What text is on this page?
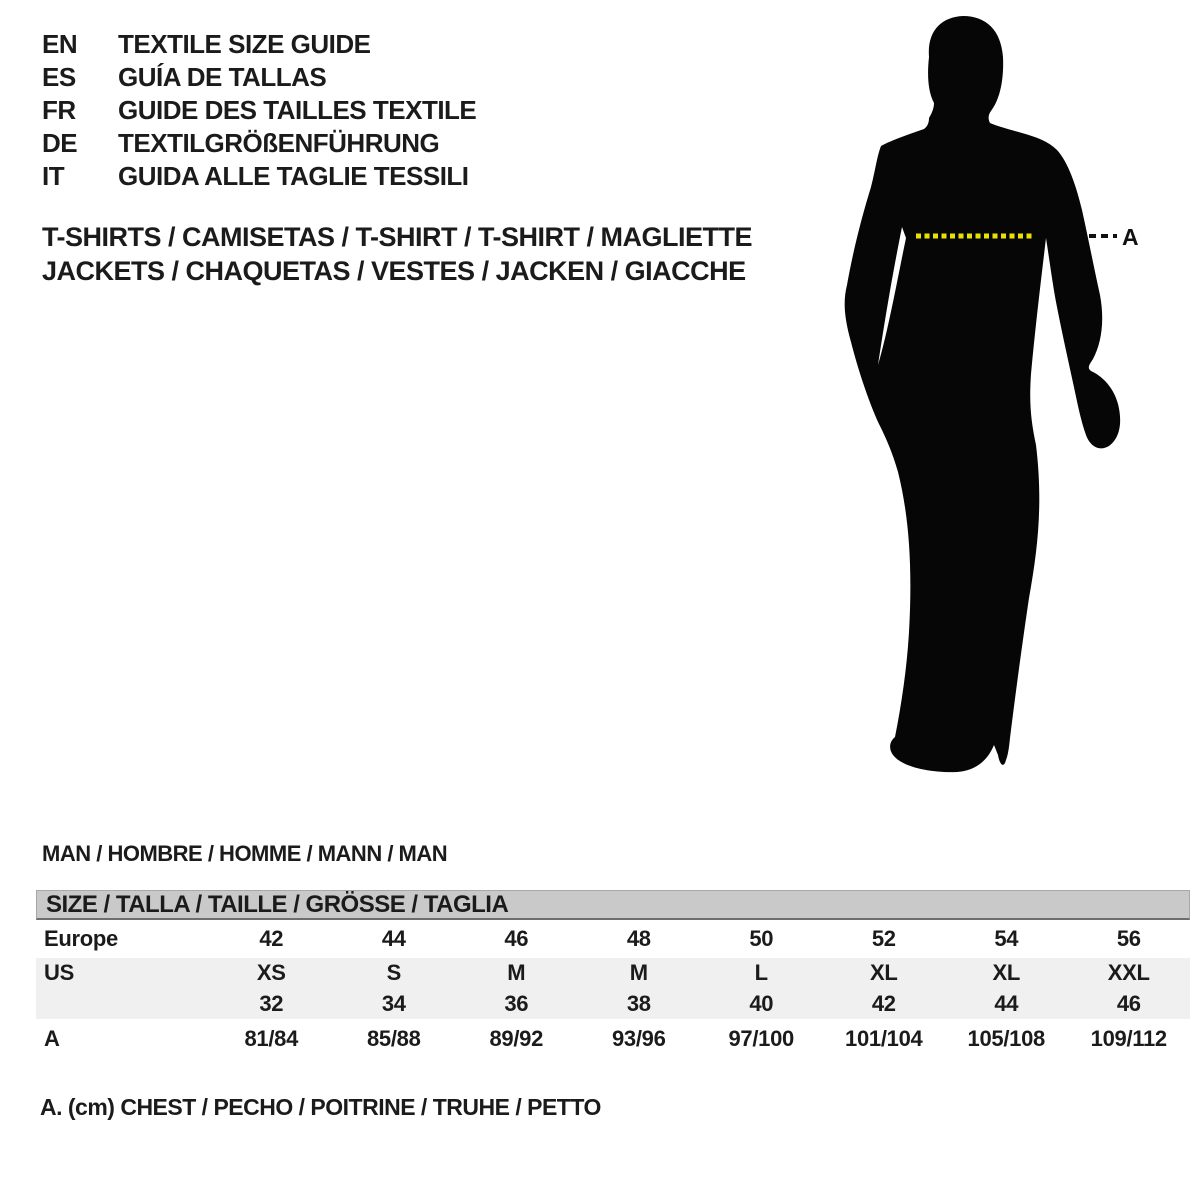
EN	TEXTILE SIZE GUIDE
ES	GUÍA DE TALLAS
FR	GUIDE DES TAILLES TEXTILE
DE	TEXTILGRÖßENFÜHRUNG
IT	GUIDA ALLE TAGLIE TESSILI
T-SHIRTS / CAMISETAS / T-SHIRT / T-SHIRT / MAGLIETTE
JACKETS / CHAQUETAS / VESTES / JACKEN / GIACCHE
A
MAN / HOMBRE / HOMME / MANN / MAN
SIZE / TALLA / TAILLE / GRÖSSE / TAGLIA
Europe	42	44	46	48	50	52	54	56
US	XS	S	M	M	L	XL	XL	XXL
	32	34	36	38	40	42	44	46
A	81/84	85/88	89/92	93/96	97/100	101/104	105/108	109/112
A. (cm) CHEST / PECHO / POITRINE / TRUHE / PETTO
